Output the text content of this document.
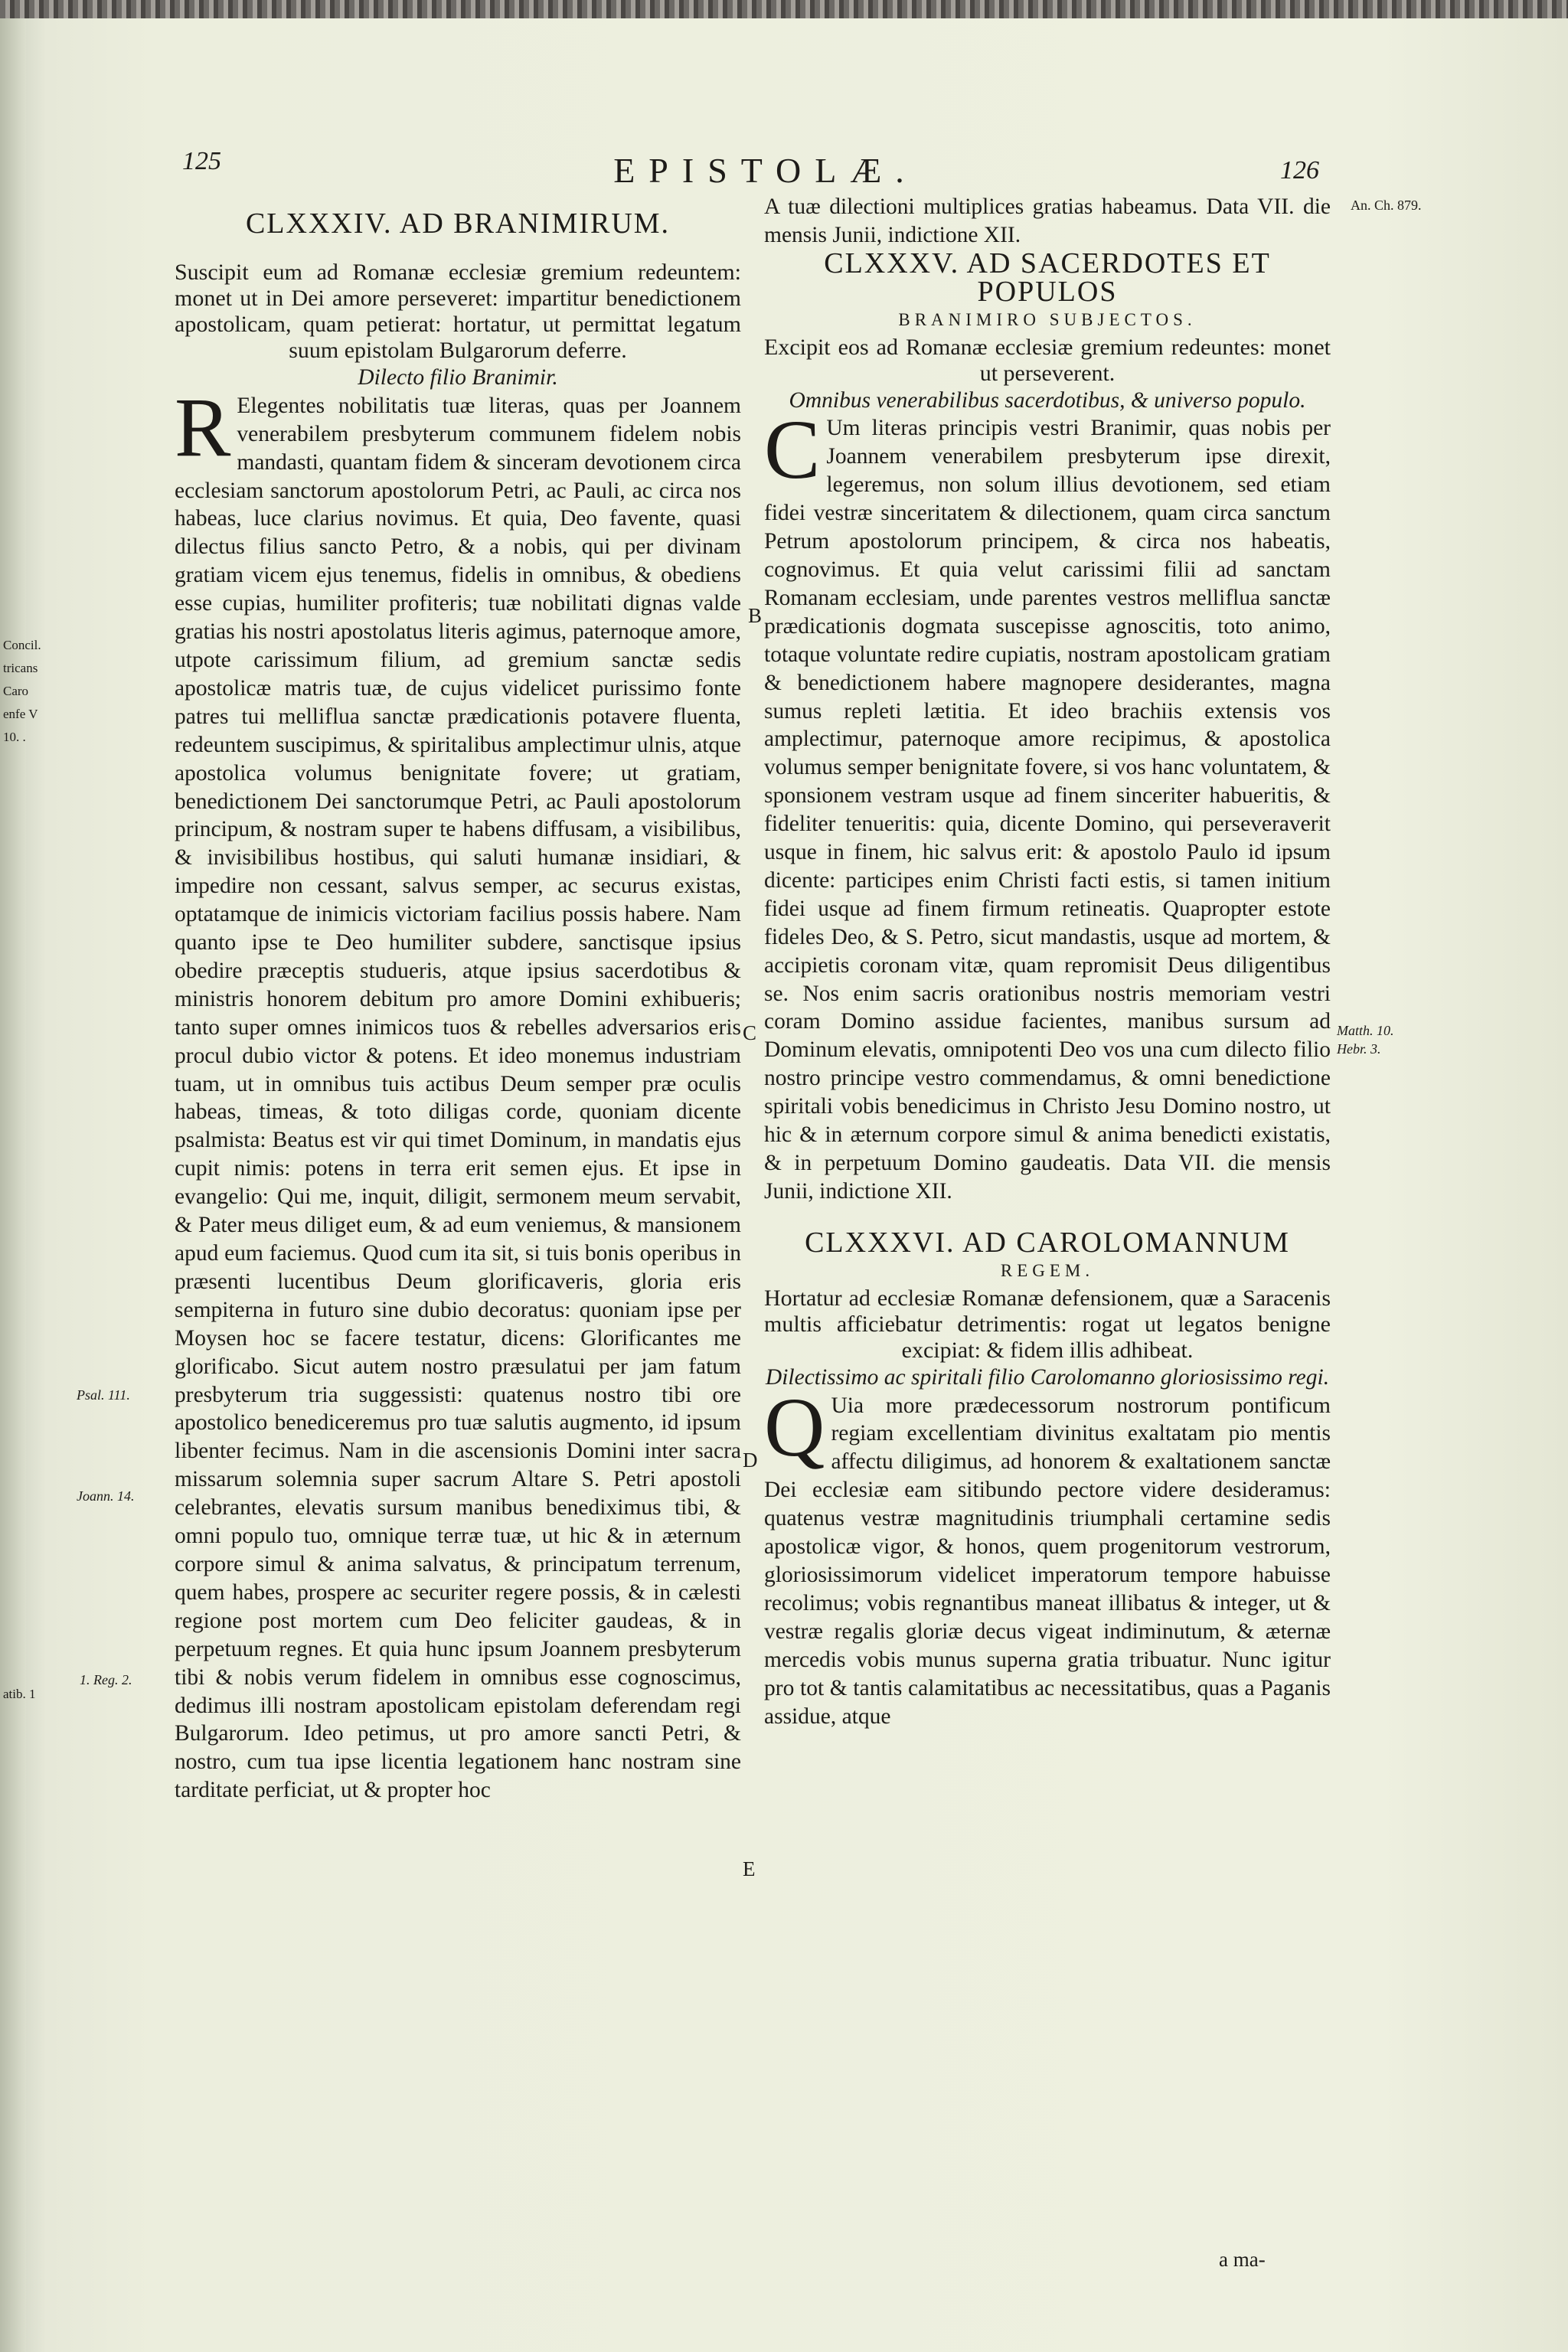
Concil.
tricans
Caro
enfe V
10. .
atib. 1
125	EPISTOLÆ.	126
Psal. 111.
Joann. 14.
1. Reg. 2.
An. Ch. 879.
Matth. 10.
Hebr. 3.
B
C
D
E

CLXXXIV. AD BRANIMIRUM.

Suscipit eum ad Romanæ ecclesiæ gremium redeuntem: monet ut in Dei amore perseveret: impartitur benedictionem apostolicam, quam petierat: hortatur, ut permittat legatum suum epistolam Bulgarorum deferre.

Dilecto filio Branimir.

R Elegentes nobilitatis tuæ literas, quas per Joannem venerabilem presbyterum communem fidelem nobis mandasti, quantam fidem & sinceram devotionem circa ecclesiam sanctorum apostolorum Petri, ac Pauli, ac circa nos habeas, luce clarius novimus. Et quia, Deo favente, quasi dilectus filius sancto Petro, & a nobis, qui per divinam gratiam vicem ejus tenemus, fidelis in omnibus, & obediens esse cupias, humiliter profiteris; tuæ nobilitati dignas valde gratias his nostri apostolatus literis agimus, paternoque amore, utpote carissimum filium, ad gremium sanctæ sedis apostolicæ matris tuæ, de cujus videlicet purissimo fonte patres tui melliflua sanctæ prædicationis potavere fluenta, redeuntem suscipimus, & spiritalibus amplectimur ulnis, atque apostolica volumus benignitate fovere; ut gratiam, benedictionem Dei sanctorumque Petri, ac Pauli apostolorum principum, & nostram super te habens diffusam, a visibilibus, & invisibilibus hostibus, qui saluti humanæ insidiari, & impedire non cessant, salvus semper, ac securus existas, optatamque de inimicis victoriam facilius possis habere. Nam quanto ipse te Deo humiliter subdere, sanctisque ipsius obedire præceptis studueris, atque ipsius sacerdotibus & ministris honorem debitum pro amore Domini exhibueris; tanto super omnes inimicos tuos & rebelles adversarios eris procul dubio victor & potens. Et ideo monemus industriam tuam, ut in omnibus tuis actibus Deum semper præ oculis habeas, timeas, & toto diligas corde, quoniam dicente psalmista: Beatus est vir qui timet Dominum, in mandatis ejus cupit nimis: potens in terra erit semen ejus. Et ipse in evangelio: Qui me, inquit, diligit, sermonem meum servabit, & Pater meus diliget eum, & ad eum veniemus, & mansionem apud eum faciemus. Quod cum ita sit, si tuis bonis operibus in præsenti lucentibus Deum glorificaveris, gloria eris sempiterna in futuro sine dubio decoratus: quoniam ipse per Moysen hoc se facere testatur, dicens: Glorificantes me glorificabo. Sicut autem nostro præsulatui per jam fatum presbyterum tria suggessisti: quatenus nostro tibi ore apostolico benediceremus pro tuæ salutis augmento, id ipsum libenter fecimus. Nam in die ascensionis Domini inter sacra missarum solemnia super sacrum Altare S. Petri apostoli celebrantes, elevatis sursum manibus benediximus tibi, & omni populo tuo, omnique terræ tuæ, ut hic & in æternum corpore simul & anima salvatus, & principatum terrenum, quem habes, prospere ac securiter regere possis, & in cælesti regione post mortem cum Deo feliciter gaudeas, & in perpetuum regnes. Et quia hunc ipsum Joannem presbyterum tibi & nobis verum fidelem in omnibus esse cognoscimus, dedimus illi nostram apostolicam epistolam deferendam regi Bulgarorum. Ideo petimus, ut pro amore sancti Petri, & nostro, cum tua ipse licentia legationem hanc nostram sine tarditate perficiat, ut & propter hoc

A tuæ dilectioni multiplices gratias habeamus. Data VII. die mensis Junii, indictione XII.

CLXXXV. AD SACERDOTES ET POPULOS

BRANIMIRO SUBJECTOS.

Excipit eos ad Romanæ ecclesiæ gremium redeuntes: monet ut perseverent.

Omnibus venerabilibus sacerdotibus, & universo populo.

C Um literas principis vestri Branimir, quas nobis per Joannem venerabilem presbyterum ipse direxit, legeremus, non solum illius devotionem, sed etiam fidei vestræ sinceritatem & dilectionem, quam circa sanctum Petrum apostolorum principem, & circa nos habeatis, cognovimus. Et quia velut carissimi filii ad sanctam Romanam ecclesiam, unde parentes vestros melliflua sanctæ prædicationis dogmata suscepisse agnoscitis, toto animo, totaque voluntate redire cupiatis, nostram apostolicam gratiam & benedictionem habere magnopere desiderantes, magna sumus repleti lætitia. Et ideo brachiis extensis vos amplectimur, paternoque amore recipimus, & apostolica volumus semper benignitate fovere, si vos hanc voluntatem, & sponsionem vestram usque ad finem sinceriter habueritis, & fideliter tenueritis: quia, dicente Domino, qui perseveraverit usque in finem, hic salvus erit: & apostolo Paulo id ipsum dicente: participes enim Christi facti estis, si tamen initium fidei usque ad finem firmum retineatis. Quapropter estote fideles Deo, & S. Petro, sicut mandastis, usque ad mortem, & accipietis coronam vitæ, quam repromisit Deus diligentibus se. Nos enim sacris orationibus nostris memoriam vestri coram Domino assidue facientes, manibus sursum ad Dominum elevatis, omnipotenti Deo vos una cum dilecto filio nostro principe vestro commendamus, & omni benedictione spiritali vobis benedicimus in Christo Jesu Domino nostro, ut hic & in æternum corpore simul & anima benedicti existatis, & in perpetuum Domino gaudeatis. Data VII. die mensis Junii, indictione XII.

CLXXXVI. AD CAROLOMANNUM

REGEM.

Hortatur ad ecclesiæ Romanæ defensionem, quæ a Saracenis multis afficiebatur detrimentis: rogat ut legatos benigne excipiat: & fidem illis adhibeat.

Dilectissimo ac spiritali filio Carolomanno gloriosissimo regi.

Q Uia more prædecessorum nostrorum pontificum regiam excellentiam divinitus exaltatam pio mentis affectu diligimus, ad honorem & exaltationem sanctæ Dei ecclesiæ eam sitibundo pectore videre desideramus: quatenus vestræ magnitudinis triumphali certamine sedis apostolicæ vigor, & honos, quem progenitorum vestrorum, gloriosissimorum videlicet imperatorum tempore habuisse recolimus; vobis regnantibus maneat illibatus & integer, ut & vestræ regalis gloriæ decus vigeat indiminutum, & æternæ mercedis vobis munus superna gratia tribuatur. Nunc igitur pro tot & tantis calamitatibus ac necessitatibus, quas a Paganis assidue, atque

a ma-
